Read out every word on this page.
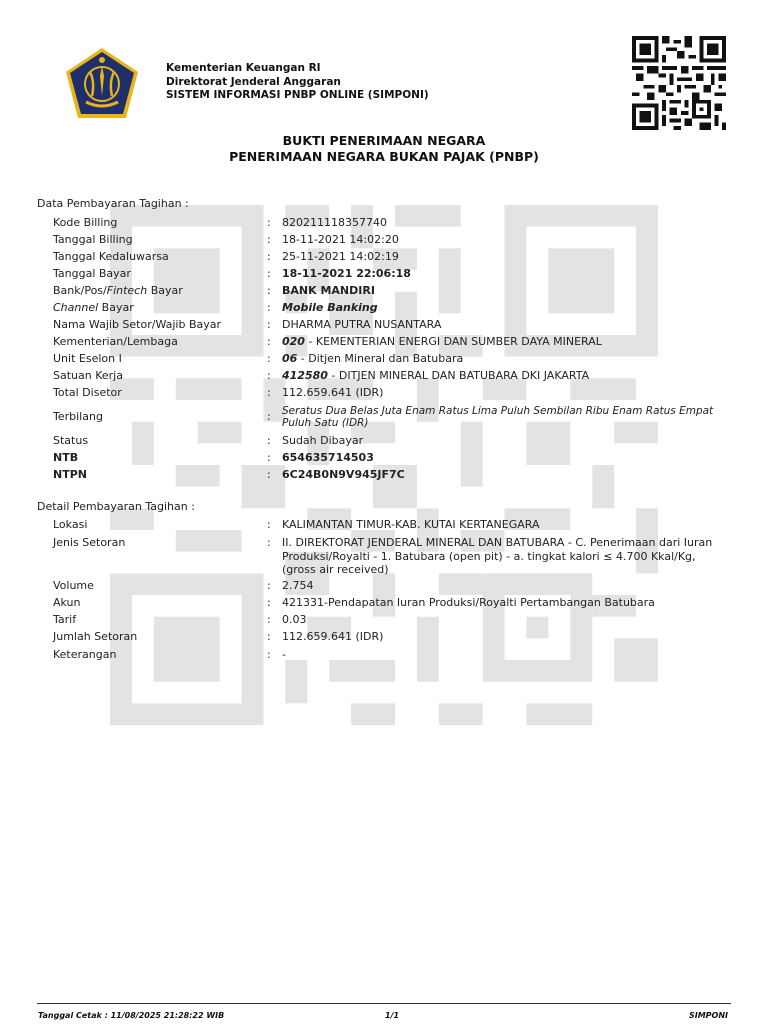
Kementerian Keuangan RI
Direktorat Jenderal Anggaran
SISTEM INFORMASI PNBP ONLINE (SIMPONI)
BUKTI PENERIMAAN NEGARA
PENERIMAAN NEGARA BUKAN PAJAK (PNBP)
Data Pembayaran Tagihan :
Kode Billing	: 820211118357740
Tanggal Billing	: 18-11-2021 14:02:20
Tanggal Kedaluwarsa	: 25-11-2021 14:02:19
Tanggal Bayar	: 18-11-2021 22:06:18
Bank/Pos/Fintech Bayar	: BANK MANDIRI
Channel Bayar	: Mobile Banking
Nama Wajib Setor/Wajib Bayar	: DHARMA PUTRA NUSANTARA
Kementerian/Lembaga	: 020 - KEMENTERIAN ENERGI DAN SUMBER DAYA MINERAL
Unit Eselon I	: 06 - Ditjen Mineral dan Batubara
Satuan Kerja	: 412580 - DITJEN MINERAL DAN BATUBARA DKI JAKARTA
Total Disetor	: 112.659.641 (IDR)
Terbilang	: Seratus Dua Belas Juta Enam Ratus Lima Puluh Sembilan Ribu Enam Ratus Empat Puluh Satu (IDR)
Status	: Sudah Dibayar
NTB	: 654635714503
NTPN	: 6C24B0N9V945JF7C
Detail Pembayaran Tagihan :
Lokasi	: KALIMANTAN TIMUR-KAB. KUTAI KERTANEGARA
Jenis Setoran	: II. DIREKTORAT JENDERAL MINERAL DAN BATUBARA - C. Penerimaan dari Iuran Produksi/Royalti - 1. Batubara (open pit) - a. tingkat kalori ≤ 4.700 Kkal/Kg, (gross air received)
Volume	: 2.754
Akun	: 421331-Pendapatan Iuran Produksi/Royalti Pertambangan Batubara
Tarif	: 0.03
Jumlah Setoran	: 112.659.641 (IDR)
Keterangan	: -
Tanggal Cetak : 11/08/2025 21:28:22 WIB	1/1	SIMPONI
